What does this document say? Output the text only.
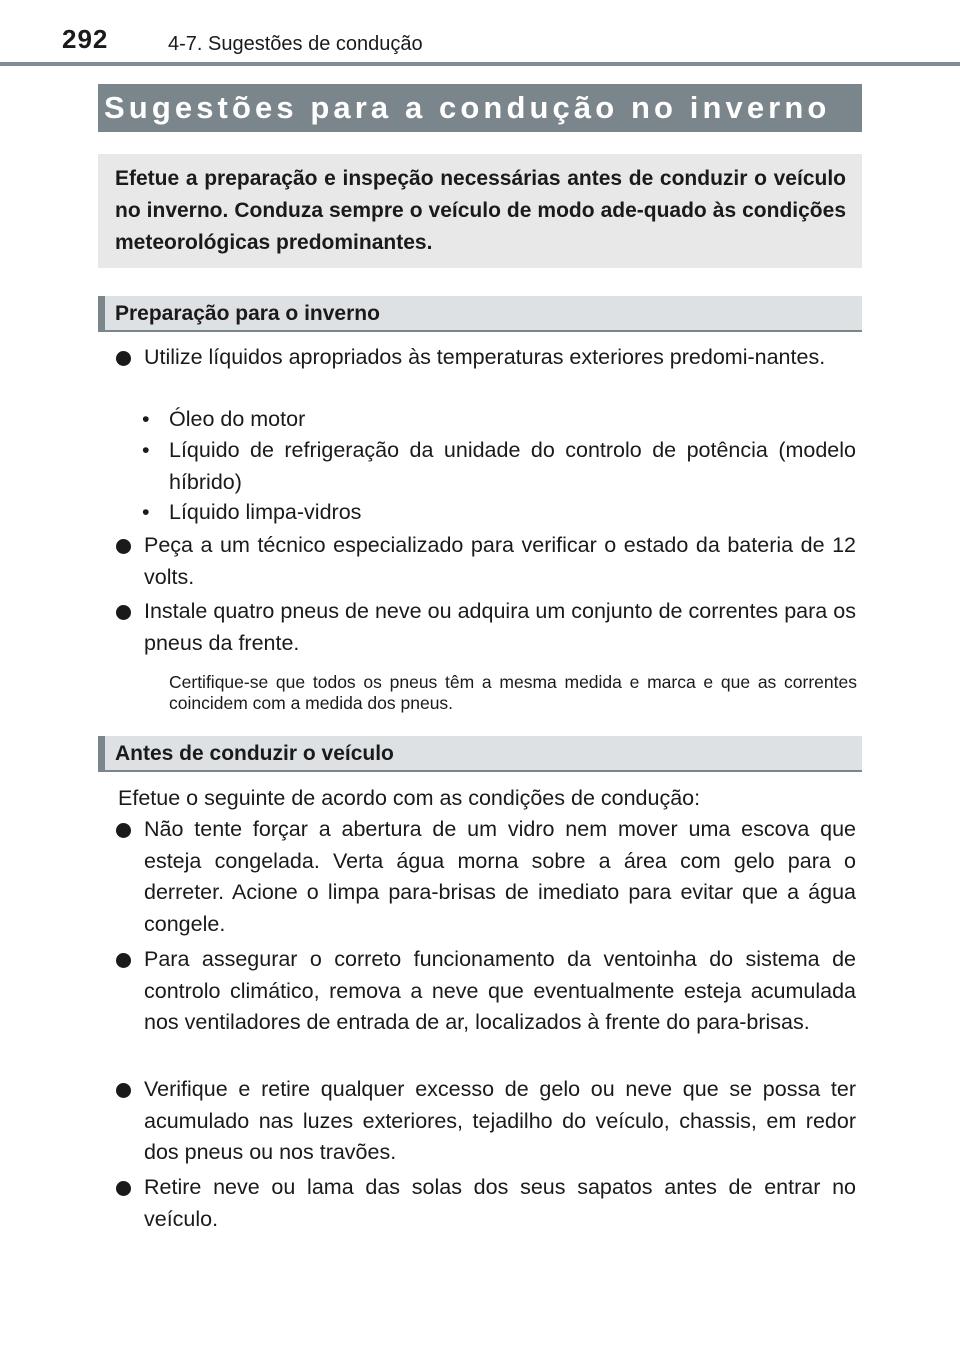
292	4-7. Sugestões de condução
Sugestões para a condução no inverno
Efetue a preparação e inspeção necessárias antes de conduzir o veículo no inverno. Conduza sempre o veículo de modo ade-quado às condições meteorológicas predominantes.
Preparação para o inverno
Utilize líquidos apropriados às temperaturas exteriores predomi-nantes.
• Óleo do motor
• Líquido de refrigeração da unidade do controlo de potência (modelo híbrido)
• Líquido limpa-vidros
Peça a um técnico especializado para verificar o estado da bateria de 12 volts.
Instale quatro pneus de neve ou adquira um conjunto de correntes para os pneus da frente.
Certifique-se que todos os pneus têm a mesma medida e marca e que as correntes coincidem com a medida dos pneus.
Antes de conduzir o veículo
Efetue o seguinte de acordo com as condições de condução:
Não tente forçar a abertura de um vidro nem mover uma escova que esteja congelada. Verta água morna sobre a área com gelo para o derreter. Acione o limpa para-brisas de imediato para evitar que a água congele.
Para assegurar o correto funcionamento da ventoinha do sistema de controlo climático, remova a neve que eventualmente esteja acumulada nos ventiladores de entrada de ar, localizados à frente do para-brisas.
Verifique e retire qualquer excesso de gelo ou neve que se possa ter acumulado nas luzes exteriores, tejadilho do veículo, chassis, em redor dos pneus ou nos travões.
Retire neve ou lama das solas dos seus sapatos antes de entrar no veículo.
